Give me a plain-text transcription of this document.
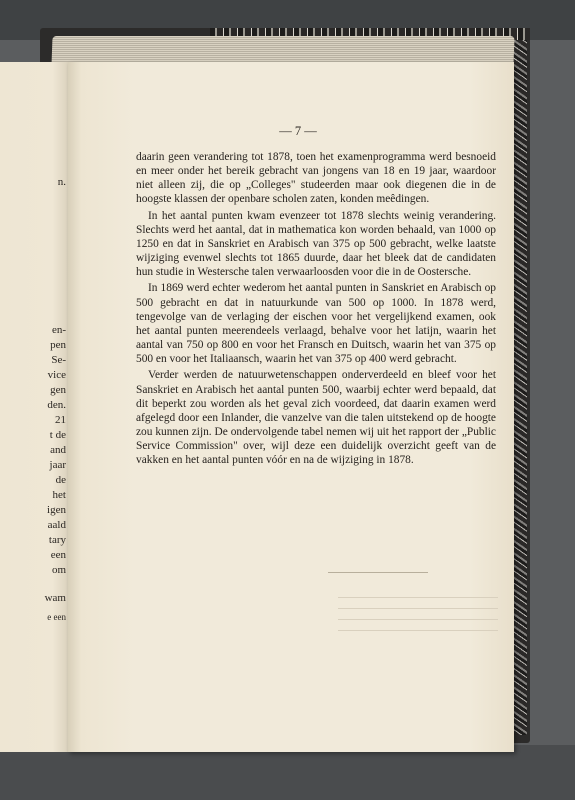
n.
en-
pen
Se-
vice
gen
den.
21
t de
and
jaar
de
het
igen
aald
tary
een
om
wam
e een
— 7 —

daarin geen verandering tot 1878, toen het examenprogramma werd besnoeid en meer onder het bereik gebracht van jongens van 18 en 19 jaar, waardoor niet alleen zij, die op „Colleges" studeerden maar ook diegenen die in de hoogste klassen der openbare scholen zaten, konden meêdingen.

In het aantal punten kwam evenzeer tot 1878 slechts weinig verandering. Slechts werd het aantal, dat in mathematica kon worden behaald, van 1000 op 1250 en dat in Sanskriet en Arabisch van 375 op 500 gebracht, welke laatste wijziging evenwel slechts tot 1865 duurde, daar het bleek dat de candidaten hun studie in Westersche talen verwaarloosden voor die in de Oostersche.

In 1869 werd echter wederom het aantal punten in Sanskriet en Arabisch op 500 gebracht en dat in natuurkunde van 500 op 1000. In 1878 werd, tengevolge van de verlaging der eischen voor het vergelijkend examen, ook het aantal punten meerendeels verlaagd, behalve voor het latijn, waarin het aantal van 750 op 800 en voor het Fransch en Duitsch, waarin het van 375 op 500 en voor het Italiaansch, waarin het van 375 op 400 werd gebracht.

Verder werden de natuurwetenschappen onderverdeeld en bleef voor het Sanskriet en Arabisch het aantal punten 500, waarbij echter werd bepaald, dat dit beperkt zou worden als het geval zich voordeed, dat daarin examen werd afgelegd door een Inlander, die vanzelve van die talen uitstekend op de hoogte zou kunnen zijn. De ondervolgende tabel nemen wij uit het rapport der „Public Service Commission" over, wijl deze een duidelijk overzicht geeft van de vakken en het aantal punten vóór en na de wijziging in 1878.
